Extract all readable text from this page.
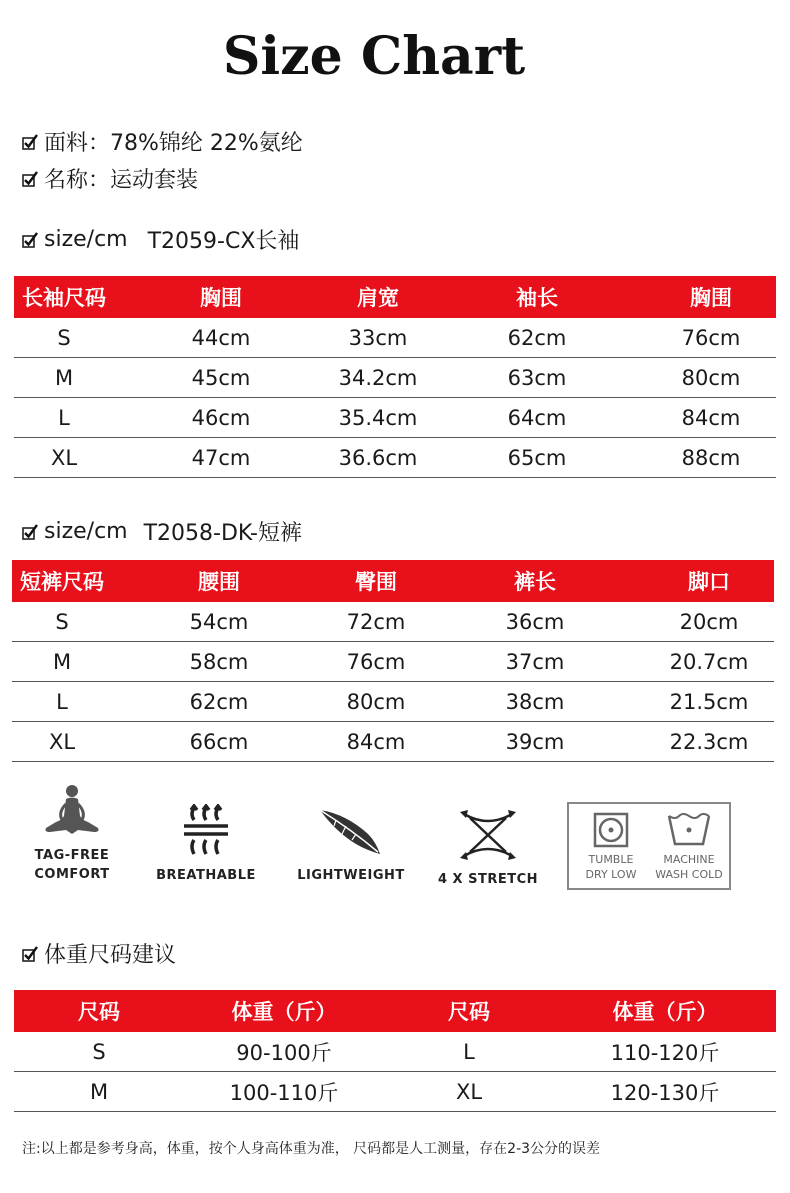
Size Chart
面料：78%锦纶 22%氨纶
名称：运动套装
size/cm T2059-CX长袖
长袖尺码	胸围	肩宽	袖长	胸围
S	44cm	33cm	62cm	76cm
M	45cm	34.2cm	63cm	80cm
L	46cm	35.4cm	64cm	84cm
XL	47cm	36.6cm	65cm	88cm
size/cm T2058-DK-短裤
短裤尺码	腰围	臀围	裤长	脚口
S	54cm	72cm	36cm	20cm
M	58cm	76cm	37cm	20.7cm
L	62cm	80cm	38cm	21.5cm
XL	66cm	84cm	39cm	22.3cm
TAG-FREE
COMFORT	BREATHABLE	LIGHTWEIGHT	4 X STRETCH
TUMBLE
DRY LOW
MACHINE
WASH COLD
体重尺码建议
尺码	体重（斤）	尺码	体重（斤）
S	90-100斤	L	110-120斤
M	100-110斤	XL	120-130斤
注:以上都是参考身高，体重，按个人身高体重为准， 尺码都是人工测量，存在2-3公分的误差
